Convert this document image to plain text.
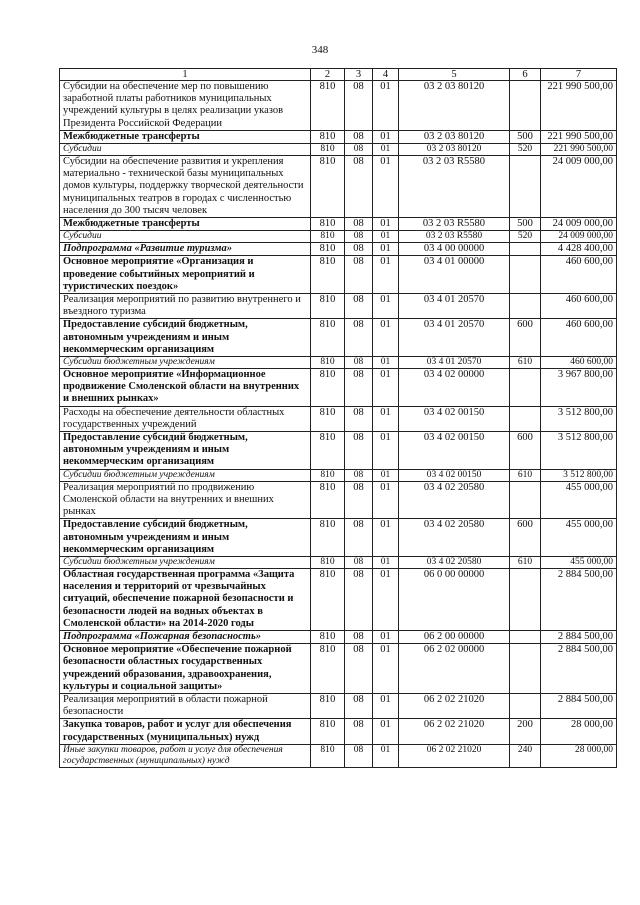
348
1	2	3	4	5	6	7
Субсидии на обеспечение мер по повышению заработной платы работников муниципальных учреждений культуры в целях реализации указов Президента Российской Федерации	810	08	01	03 2 03 80120		221 990 500,00
Межбюджетные трансферты	810	08	01	03 2 03 80120	500	221 990 500,00
Субсидии	810	08	01	03 2 03 80120	520	221 990 500,00
Субсидии на обеспечение развития и укрепления материально - технической базы муниципальных домов культуры, поддержку творческой деятельности муниципальных театров в городах с численностью населения до 300 тысяч человек	810	08	01	03 2 03 R5580		24 009 000,00
Межбюджетные трансферты	810	08	01	03 2 03 R5580	500	24 009 000,00
Субсидии	810	08	01	03 2 03 R5580	520	24 009 000,00
Подпрограмма «Развитие туризма»	810	08	01	03 4 00 00000		4 428 400,00
Основное мероприятие «Организация и проведение событийных мероприятий и туристических поездок»	810	08	01	03 4 01 00000		460 600,00
Реализация мероприятий по развитию внутреннего и въездного туризма	810	08	01	03 4 01 20570		460 600,00
Предоставление субсидий бюджетным, автономным учреждениям и иным некоммерческим организациям	810	08	01	03 4 01 20570	600	460 600,00
Субсидии бюджетным учреждениям	810	08	01	03 4 01 20570	610	460 600,00
Основное мероприятие «Информационное продвижение Смоленской области на внутренних и внешних рынках»	810	08	01	03 4 02 00000		3 967 800,00
Расходы на обеспечение деятельности областных государственных учреждений	810	08	01	03 4 02 00150		3 512 800,00
Предоставление субсидий бюджетным, автономным учреждениям и иным некоммерческим организациям	810	08	01	03 4 02 00150	600	3 512 800,00
Субсидии бюджетным учреждениям	810	08	01	03 4 02 00150	610	3 512 800,00
Реализация мероприятий по продвижению Смоленской области на внутренних и внешних рынках	810	08	01	03 4 02 20580		455 000,00
Предоставление субсидий бюджетным, автономным учреждениям и иным некоммерческим организациям	810	08	01	03 4 02 20580	600	455 000,00
Субсидии бюджетным учреждениям	810	08	01	03 4 02 20580	610	455 000,00
Областная государственная программа «Защита населения и территорий от чрезвычайных ситуаций, обеспечение пожарной безопасности и безопасности людей на водных объектах в Смоленской области» на 2014-2020 годы	810	08	01	06 0 00 00000		2 884 500,00
Подпрограмма «Пожарная безопасность»	810	08	01	06 2 00 00000		2 884 500,00
Основное мероприятие «Обеспечение пожарной безопасности областных государственных учреждений образования, здравоохранения, культуры и социальной защиты»	810	08	01	06 2 02 00000		2 884 500,00
Реализация мероприятий в области пожарной безопасности	810	08	01	06 2 02 21020		2 884 500,00
Закупка товаров, работ и услуг для обеспечения государственных (муниципальных) нужд	810	08	01	06 2 02 21020	200	28 000,00
Иные закупки товаров, работ и услуг для обеспечения государственных (муниципальных) нужд	810	08	01	06 2 02 21020	240	28 000,00
